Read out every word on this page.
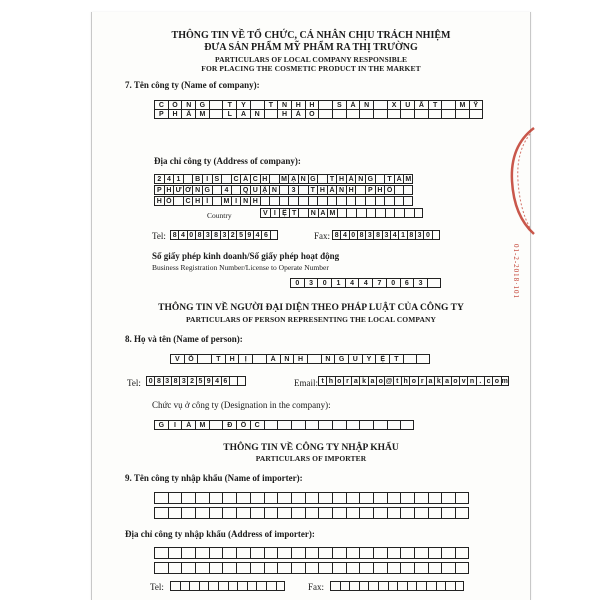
THÔNG TIN VỀ TỔ CHỨC, CÁ NHÂN CHỊU TRÁCH NHIỆM
ĐƯA SẢN PHẨM MỸ PHẨM RA THỊ TRƯỜNG
PARTICULARS OF LOCAL COMPANY RESPONSIBLE
FOR PLACING THE COSMETIC PRODUCT IN THE MARKET
7. Tên công ty (Name of company):
C	Ô	N	G	T	Y	T	N	H	H	S	Ả	N	X	U	Ấ	T	M	Ỹ
P	H	Ẩ	M	L	A	N	H	Ả	O
Địa chỉ công ty (Address of company):
2 4 1	B I S	C Á C H	M Ạ N G	T H Á N G	T Á M
P H Ư Ờ N G	4	Q U Ậ N	3	T H À N H	P H Ố
H Ồ	C H Í	M I N H
Country	V I Ệ T	N A M
Tel: 8 4 0 8 3 8 3 2 5 9 4 6	Fax: 8 4 0 8 3 8 3 4 1 8 3 0
Số giấy phép kinh doanh/Số giấy phép hoạt động
Business Registration Number/License to Operate Number
0	3	0	1	4	4	7	0	6	3
THÔNG TIN VỀ NGƯỜI ĐẠI DIỆN THEO PHÁP LUẬT CỦA CÔNG TY
PARTICULARS OF PERSON REPRESENTING THE LOCAL COMPANY
8. Họ và tên (Name of person):
V	Õ	T	H	Ị	Á	N	H	N	G	U	Y	Ệ	T
Tel:	0 8 3 8 3 2 5 9 4 6	Email: t h o r a k a o @ t h o r a k a o v n . c o m
Chức vụ ở công ty (Designation in the company):
G	I	Á	M	Đ	Ố	C
THÔNG TIN VỀ CÔNG TY NHẬP KHẨU
PARTICULARS OF IMPORTER
9. Tên công ty nhập khẩu (Name of importer):
Địa chỉ công ty nhập khẩu (Address of importer):
Tel:	Fax:
01-2-2018·101
